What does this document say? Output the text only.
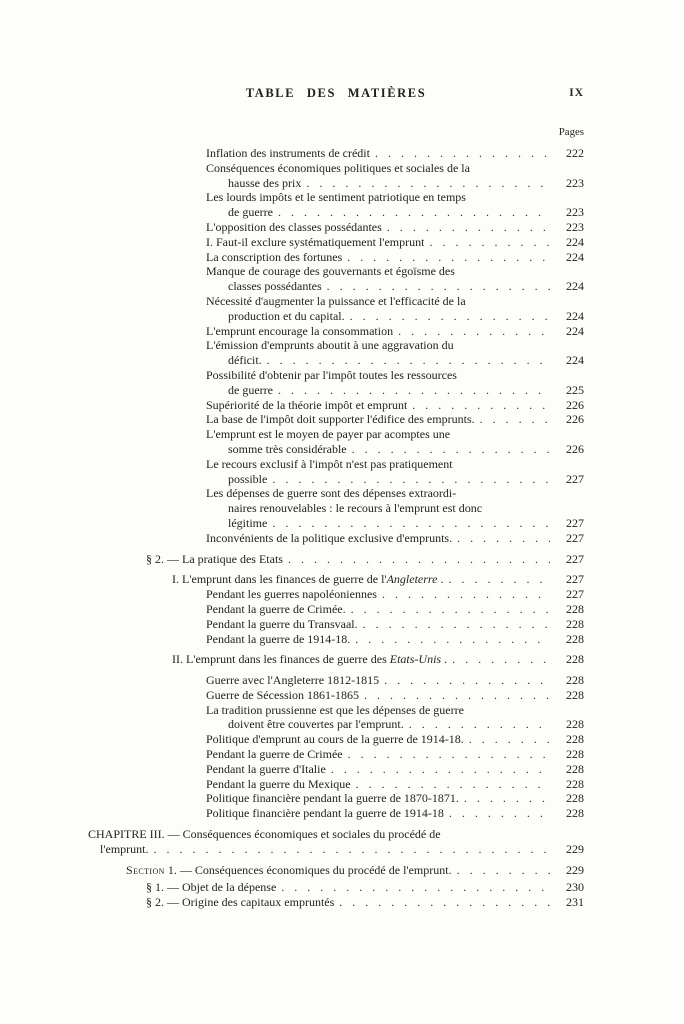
TABLE DES MATIÈRES	IX
Pages
Inflation des instruments de crédit . . .	222
Conséquences économiques politiques et sociales de la
hausse des prix . . .	223
Les lourds impôts et le sentiment patriotique en temps
de guerre . . .	223
L'opposition des classes possédantes . . .	223
I. Faut-il exclure systématiquement l'emprunt . . .	224
La conscription des fortunes . . .	224
Manque de courage des gouvernants et égoïsme des
classes possédantes . . .	224
Nécessité d'augmenter la puissance et l'efficacité de la
production et du capital. . . .	224
L'emprunt encourage la consommation . . .	224
L'émission d'emprunts aboutit à une aggravation du
déficit. . . .	224
Possibilité d'obtenir par l'impôt toutes les ressources
de guerre . . .	225
Supériorité de la théorie impôt et emprunt . . .	226
La base de l'impôt doit supporter l'édifice des emprunts. . . .	226
L'emprunt est le moyen de payer par acomptes une
somme très considérable . . .	226
Le recours exclusif à l'impôt n'est pas pratiquement
possible . . .	227
Les dépenses de guerre sont des dépenses extraordi-
naires renouvelables : le recours à l'emprunt est donc
légitime . . .	227
Inconvénients de la politique exclusive d'emprunts. . . .	227
§ 2. — La pratique des Etats . . .	227
I. L'emprunt dans les finances de guerre de l'Angleterre . . . .	227
Pendant les guerres napoléoniennes . . .	227
Pendant la guerre de Crimée. . . .	228
Pendant la guerre du Transvaal. . . .	228
Pendant la guerre de 1914-18. . . .	228
II. L'emprunt dans les finances de guerre des Etats-Unis . . . .	228
Guerre avec l'Angleterre 1812-1815 . . .	228
Guerre de Sécession 1861-1865 . . .	228
La tradition prussienne est que les dépenses de guerre
doivent être couvertes par l'emprunt. . . .	228
Politique d'emprunt au cours de la guerre de 1914-18. . . .	228
Pendant la guerre de Crimée . . .	228
Pendant la guerre d'Italie . . .	228
Pendant la guerre du Mexique . . .	228
Politique financière pendant la guerre de 1870-1871. . . .	228
Politique financière pendant la guerre de 1914-18 . . .	228
CHAPITRE III. — Conséquences économiques et sociales du procédé de
l'emprunt. . . .	229
Section 1. — Conséquences économiques du procédé de l'emprunt. . . .	229
§ 1. — Objet de la dépense . . .	230
§ 2. — Origine des capitaux empruntés . . .	231
